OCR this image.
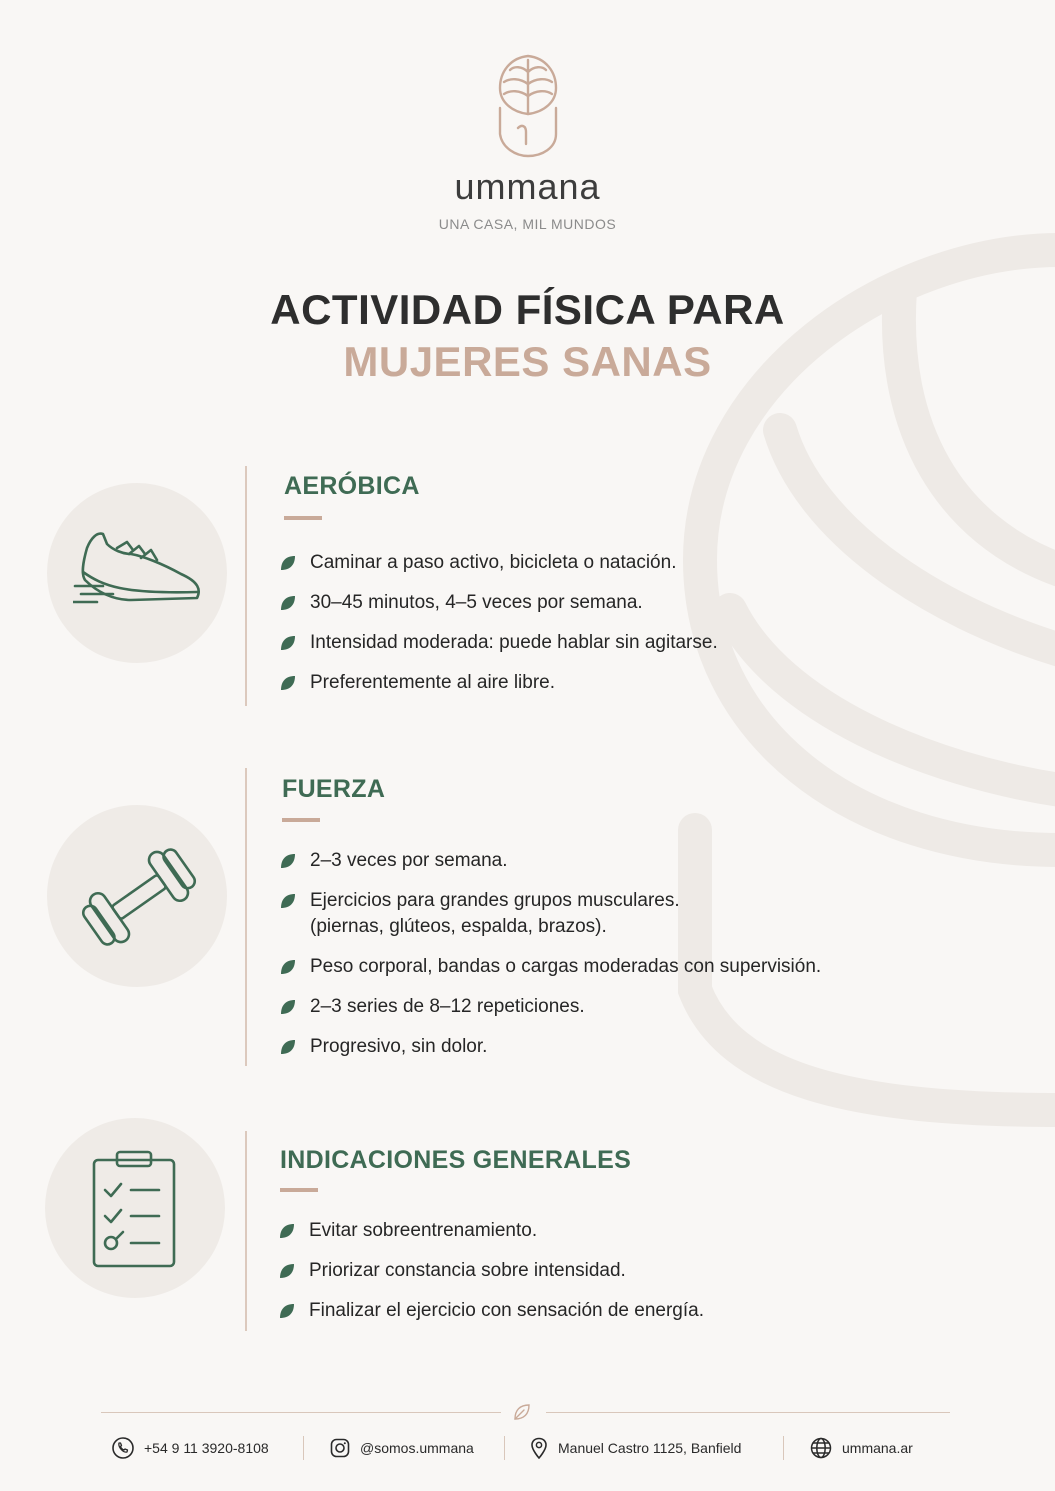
ummana
UNA CASA, MIL MUNDOS
ACTIVIDAD FÍSICA PARA
MUJERES SANAS
AERÓBICA
Caminar a paso activo, bicicleta o natación.
30–45 minutos, 4–5 veces por semana.
Intensidad moderada: puede hablar sin agitarse.
Preferentemente al aire libre.
FUERZA
2–3 veces por semana.
Ejercicios para grandes grupos musculares.
(piernas, glúteos, espalda, brazos).
Peso corporal, bandas o cargas moderadas con supervisión.
2–3 series de 8–12 repeticiones.
Progresivo, sin dolor.
INDICACIONES GENERALES
Evitar sobreentrenamiento.
Priorizar constancia sobre intensidad.
Finalizar el ejercicio con sensación de energía.
+54 9 11 3920-8108	@somos.ummana	Manuel Castro 1125, Banfield	ummana.ar
